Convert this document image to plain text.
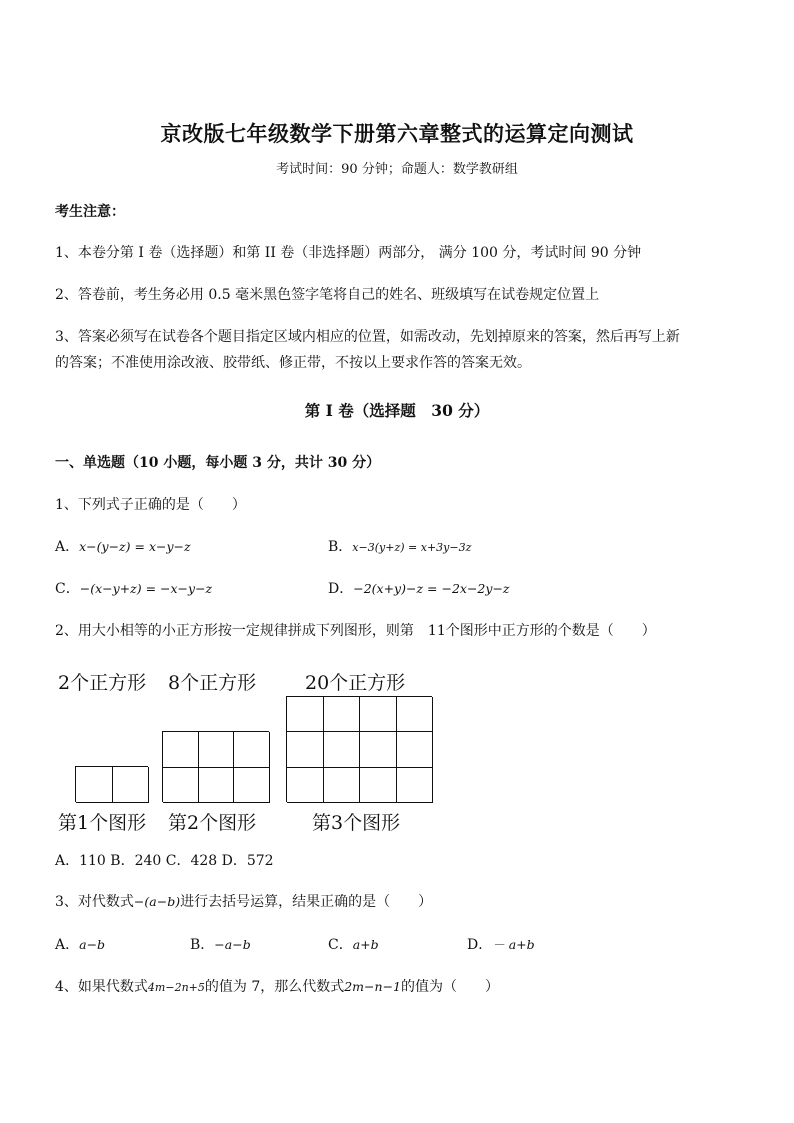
京改版七年级数学下册第六章整式的运算定向测试
考试时间：90 分钟；命题人：数学教研组
考生注意：
1、本卷分第 I 卷（选择题）和第 II 卷（非选择题）两部分， 满分 100 分，考试时间 90 分钟
2、答卷前，考生务必用 0.5 毫米黑色签字笔将自己的姓名、班级填写在试卷规定位置上
3、答案必须写在试卷各个题目指定区域内相应的位置，如需改动，先划掉原来的答案，然后再写上新
的答案；不准使用涂改液、胶带纸、修正带，不按以上要求作答的答案无效。
第 I 卷（选择题　30 分）
一、单选题（10 小题，每小题 3 分，共计 30 分）
1、下列式子正确的是（　　）
A．x−(y−z) = x−y−z	B．x−3(y+z) = x+3y−3z
C．−(x−y+z) = −x−y−z	D．−2(x+y)−z = −2x−2y−z
2、用大小相等的小正方形按一定规律拼成下列图形，则第　11个图形中正方形的个数是（　　）
2个正方形 8个正方形	20个正方形
第1个图形 第2个图形	第3个图形
A．110 B．240 C．428 D．572
3、对代数式−(a−b)进行去括号运算，结果正确的是（　　）
A．a−b	B．−a−b	C．a+b	D．－ a+b
4、如果代数式4m−2n+5的值为 7，那么代数式2m−n−1的值为（　　）
